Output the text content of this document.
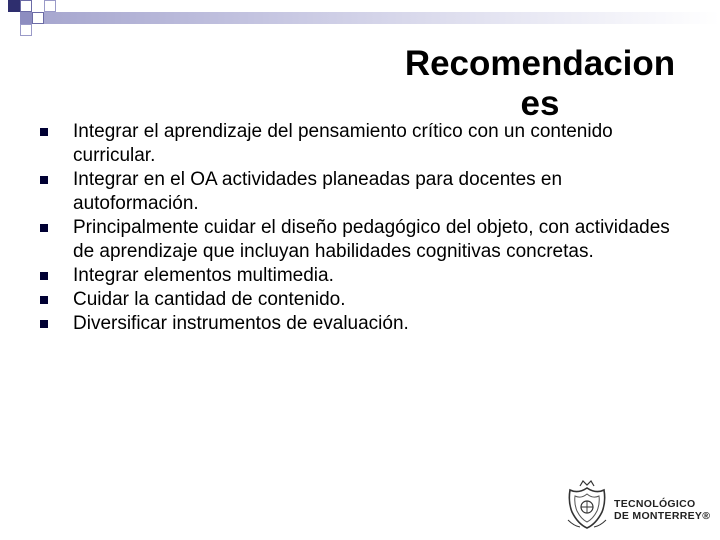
Recomendaciones
Integrar el aprendizaje del pensamiento crítico con un contenido curricular.
Integrar en el OA actividades planeadas para docentes en autoformación.
Principalmente cuidar el diseño pedagógico del objeto, con actividades de aprendizaje que incluyan habilidades cognitivas concretas.
Integrar elementos multimedia.
Cuidar la cantidad de contenido.
Diversificar instrumentos de evaluación.
TECNOLÓGICO
DE MONTERREY®
